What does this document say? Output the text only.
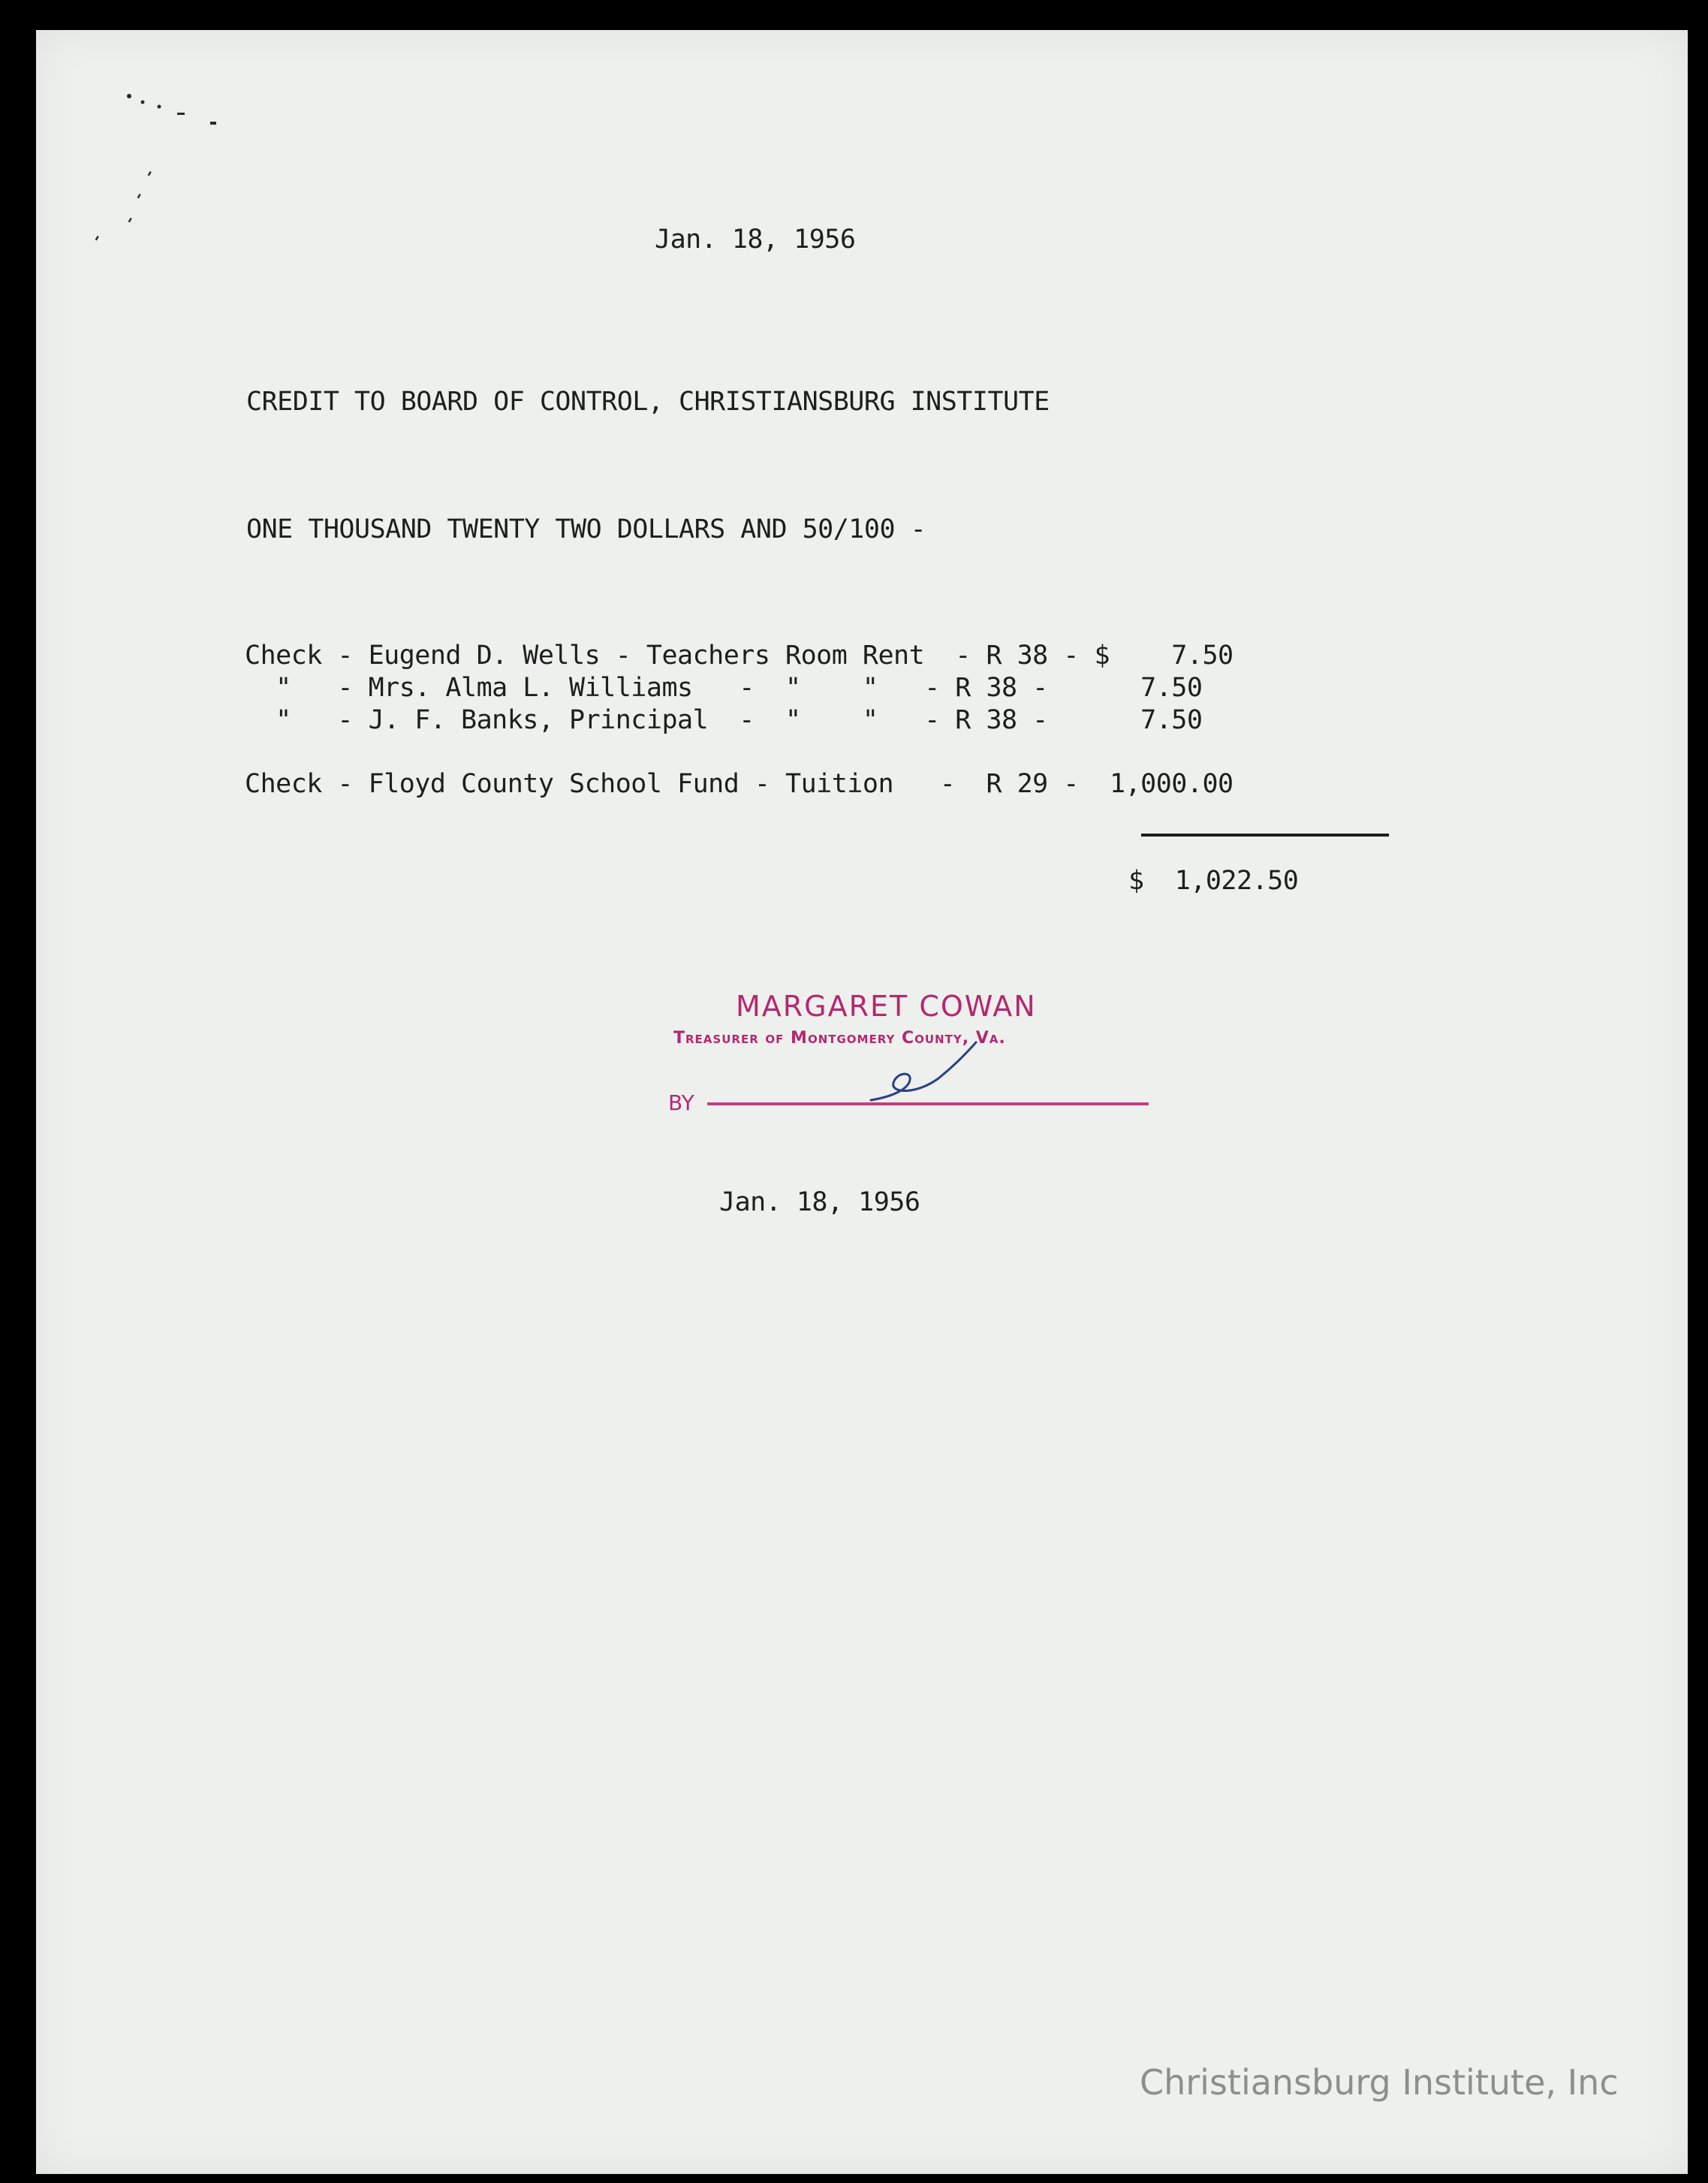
Jan. 18, 1956
CREDIT TO BOARD OF CONTROL, CHRISTIANSBURG INSTITUTE
ONE THOUSAND TWENTY TWO DOLLARS AND 50/100 -
Check - Eugend D. Wells - Teachers Room Rent  - R 38 - $    7.50
"   - Mrs. Alma L. Williams   -  "    "   - R 38 -      7.50
"   - J. F. Banks, Principal  -  "    "   - R 38 -      7.50
Check - Floyd County School Fund - Tuition   -  R 29 -  1,000.00
$  1,022.50
MARGARET COWAN
Treasurer of Montgomery County, Va.
BY
Jan. 18, 1956
Christiansburg Institute, Inc
